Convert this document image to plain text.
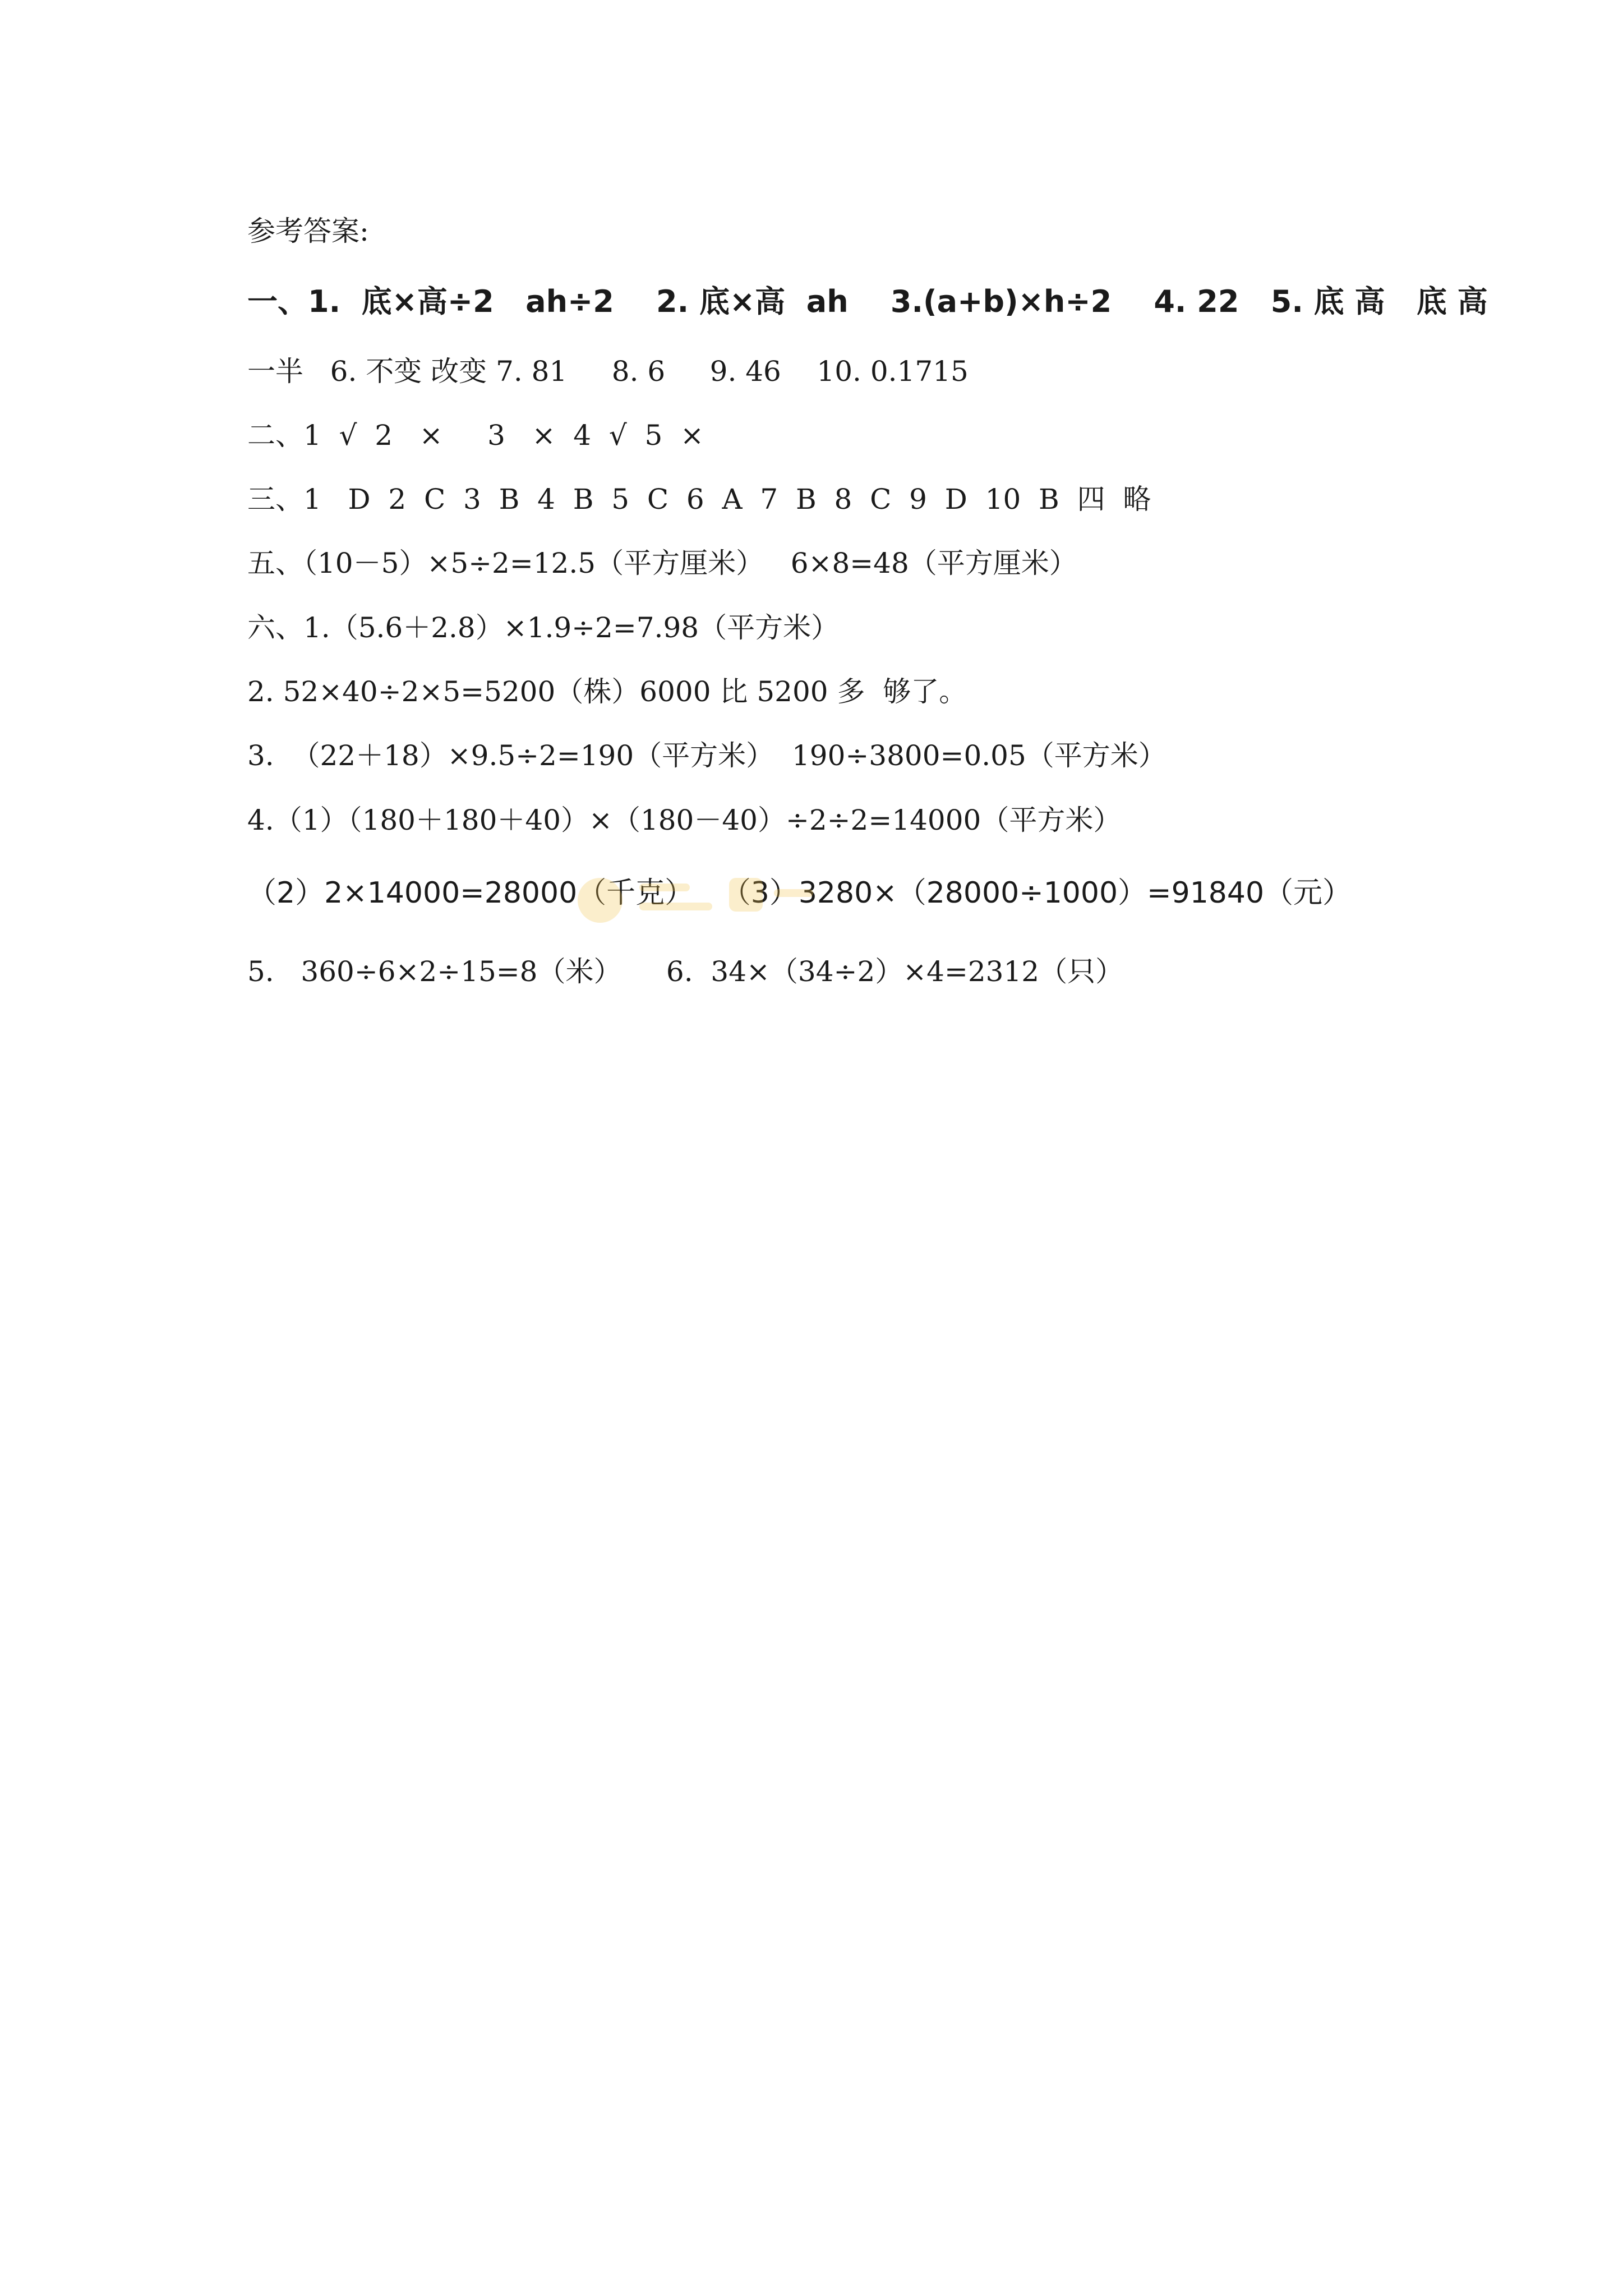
参考答案:
一、1.  底×高÷2   ah÷2    2. 底×高  ah    3.(a+b)×h÷2    4. 22   5. 底 高   底 高
一半   6. 不变 改变 7. 81     8. 6     9. 46    10. 0.1715
二、1  √  2   ×     3   ×  4  √  5  ×
三、1   D  2  C  3  B  4  B  5  C  6  A  7  B  8  C  9  D  10  B  四  略
五、（10－5）×5÷2=12.5（平方厘米）   6×8=48（平方厘米）
六、1.（5.6＋2.8）×1.9÷2=7.98（平方米）
2. 52×40÷2×5=5200（株）6000 比 5200 多  够了。
3.  （22＋18）×9.5÷2=190（平方米）  190÷3800=0.05（平方米）
4.（1）（180＋180＋40）×（180－40）÷2÷2=14000（平方米）
（2）2×14000=28000（千克）   （3）3280×（28000÷1000）=91840（元）
5.   360÷6×2÷15=8（米）     6.  34×（34÷2）×4=2312（只）
